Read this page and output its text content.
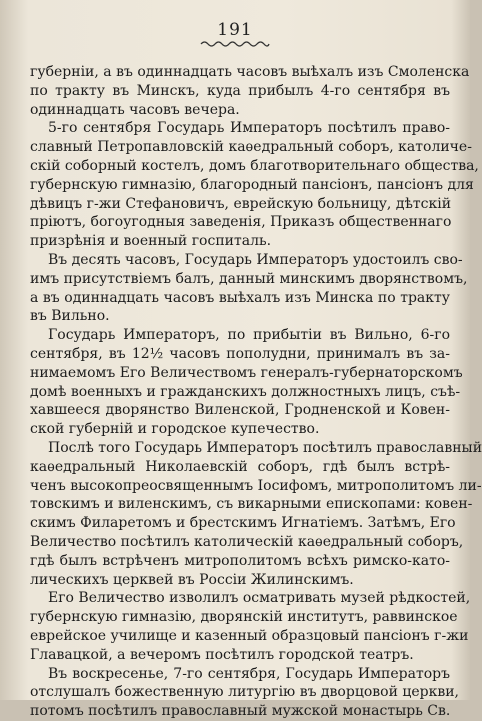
191
губерніи, а въ одиннадцать часовъ выѣхалъ изъ Смоленска
по тракту въ Минскъ, куда прибылъ 4-го сентября въ
одиннадцать часовъ вечера.
5-го сентября Государь Императоръ посѣтилъ право-
славный Петропавловскій каѳедральный соборъ, католиче-
скій соборный костелъ, домъ благотворительнаго общества,
губернскую гимназію, благородный пансіонъ, пансіонъ для
дѣвицъ г-жи Стефановичъ, еврейскую больницу, дѣтскій
пріютъ, богоугодныя заведенія, Приказъ общественнаго
призрѣнія и военный госпиталь.
Въ десять часовъ, Государь Императоръ удостоилъ сво-
имъ присутствіемъ балъ, данный минскимъ дворянствомъ,
а въ одиннадцать часовъ выѣхалъ изъ Минска по тракту
въ Вильно.
Государь Императоръ, по прибытіи въ Вильно, 6-го
сентября, въ 12½ часовъ пополудни, принималъ въ за-
нимаемомъ Его Величествомъ генералъ-губернаторскомъ
домѣ военныхъ и гражданскихъ должностныхъ лицъ, съѣ-
хавшееся дворянство Виленской, Гродненской и Ковен-
ской губерній и городское купечество.
Послѣ того Государь Императоръ посѣтилъ православный
каѳедральный Николаевскій соборъ, гдѣ былъ встрѣ-
ченъ высокопреосвященнымъ Іосифомъ, митрополитомъ ли-
товскимъ и виленскимъ, съ викарными епископами: ковен-
скимъ Филаретомъ и брестскимъ Игнатіемъ. Затѣмъ, Его
Величество посѣтилъ католическій каѳедральный соборъ,
гдѣ былъ встрѣченъ митрополитомъ всѣхъ римско-като-
лическихъ церквей въ Россіи Жилинскимъ.
Его Величество изволилъ осматривать музей рѣдкостей,
губернскую гимназію, дворянскій институтъ, раввинское
еврейское училище и казенный образцовый пансіонъ г-жи
Главацкой, а вечеромъ посѣтилъ городской театръ.
Въ воскресенье, 7-го сентября, Государь Императоръ
отслушалъ божественную литургію въ дворцовой церкви,
потомъ посѣтилъ православный мужской монастырь Св.
